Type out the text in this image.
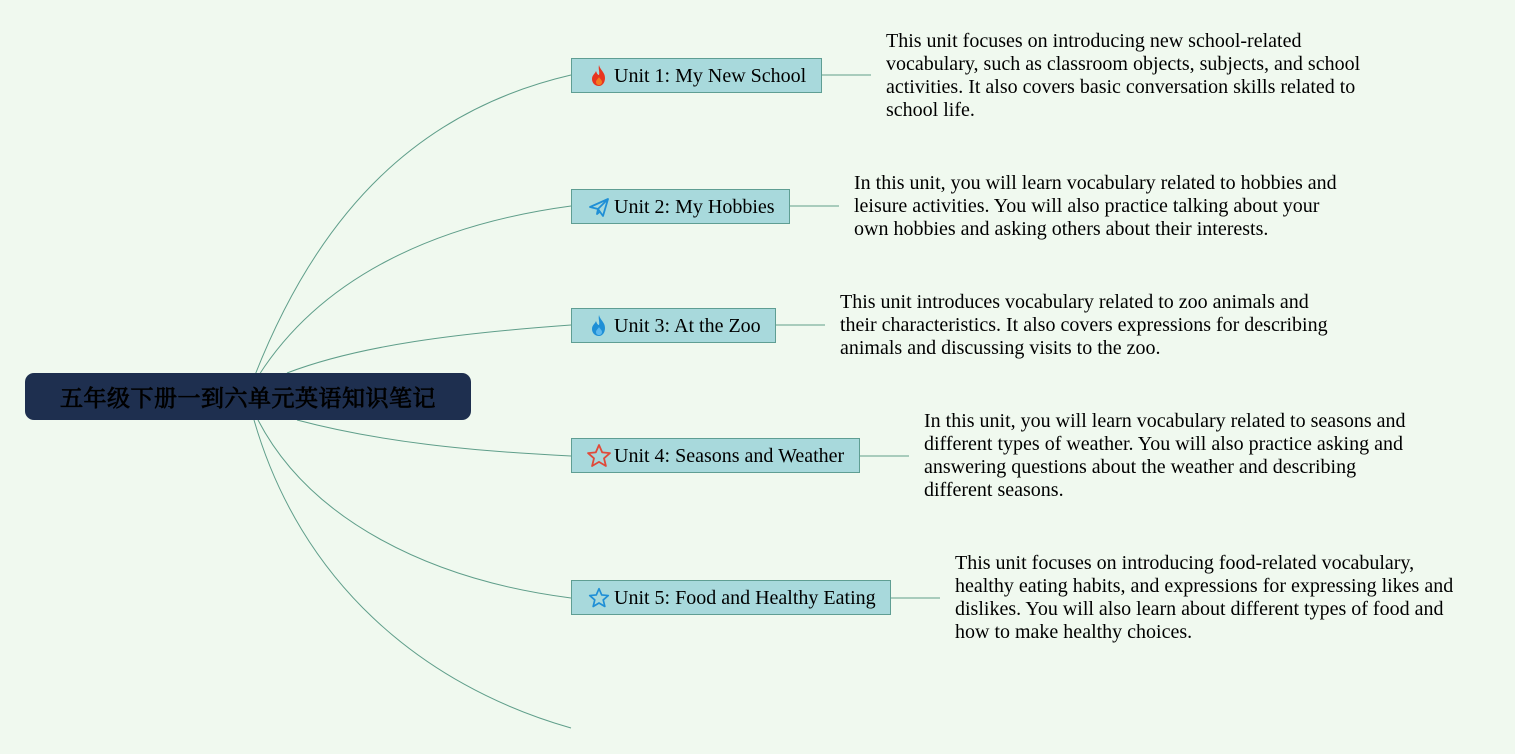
五年级下册一到六单元英语知识笔记
Unit 1: My New School

This unit focuses on introducing new school-related vocabulary, such as classroom objects, subjects, and school activities. It also covers basic conversation skills related to school life.

Unit 2: My Hobbies

In this unit, you will learn vocabulary related to hobbies and leisure activities. You will also practice talking about your own hobbies and asking others about their interests.

Unit 3: At the Zoo

This unit introduces vocabulary related to zoo animals and their characteristics. It also covers expressions for describing animals and discussing visits to the zoo.

Unit 4: Seasons and Weather

In this unit, you will learn vocabulary related to seasons and different types of weather. You will also practice asking and answering questions about the weather and describing different seasons.

Unit 5: Food and Healthy Eating

This unit focuses on introducing food-related vocabulary, healthy eating habits, and expressions for expressing likes and dislikes. You will also learn about different types of food and how to make healthy choices.
